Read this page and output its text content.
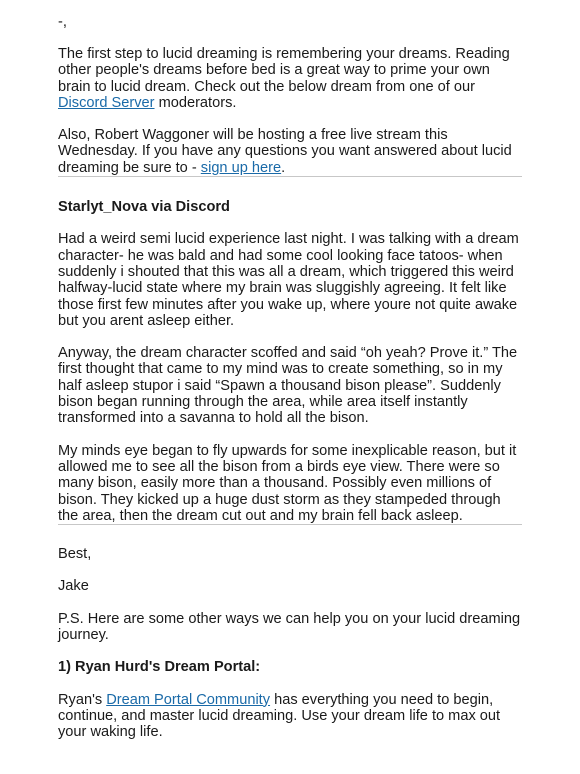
-,

The first step to lucid dreaming is remembering your dreams. Reading other people's dreams before bed is a great way to prime your own brain to lucid dream. Check out the below dream from one of our Discord Server moderators.

Also, Robert Waggoner will be hosting a free live stream this Wednesday. If you have any questions you want answered about lucid dreaming be sure to - sign up here.

Starlyt_Nova via Discord

Had a weird semi lucid experience last night. I was talking with a dream character- he was bald and had some cool looking face tatoos- when suddenly i shouted that this was all a dream, which triggered this weird halfway-lucid state where my brain was sluggishly agreeing. It felt like those first few minutes after you wake up, where youre not quite awake but you arent asleep either.

Anyway, the dream character scoffed and said “oh yeah? Prove it.” The first thought that came to my mind was to create something, so in my half asleep stupor i said “Spawn a thousand bison please”. Suddenly bison began running through the area, while area itself instantly transformed into a savanna to hold all the bison.

My minds eye began to fly upwards for some inexplicable reason, but it allowed me to see all the bison from a birds eye view. There were so many bison, easily more than a thousand. Possibly even millions of bison. They kicked up a huge dust storm as they stampeded through the area, then the dream cut out and my brain fell back asleep.

Best,

Jake

P.S. Here are some other ways we can help you on your lucid dreaming journey.

1) Ryan Hurd's Dream Portal:

Ryan's Dream Portal Community has everything you need to begin, continue, and master lucid dreaming. Use your dream life to max out your waking life.
